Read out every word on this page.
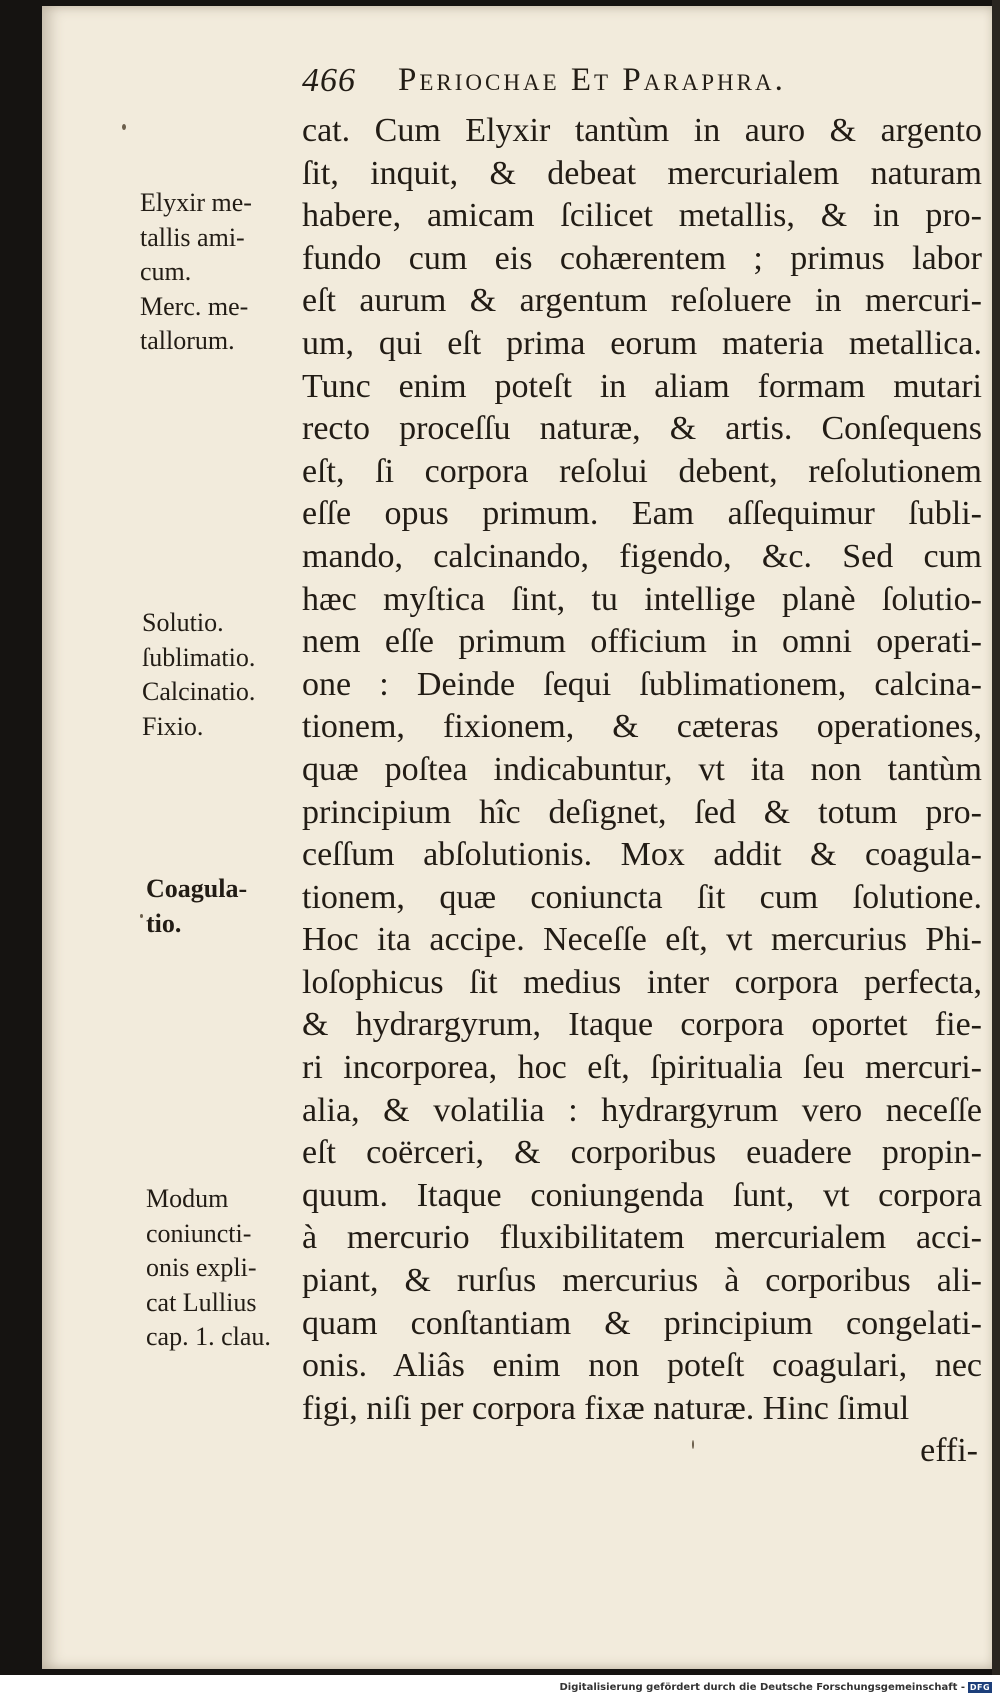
466 Periochae Et Paraphra.
cat. Cum Elyxir tantùm in auro & argento
ſit, inquit, & debeat mercurialem naturam
habere, amicam ſcilicet metallis, & in pro-
fundo cum eis cohærentem ; primus labor
eſt aurum & argentum reſoluere in mercuri-
um, qui eſt prima eorum materia metallica.
Tunc enim poteſt in aliam formam mutari
recto proceſſu naturæ, & artis. Conſequens
eſt, ſi corpora reſolui debent, reſolutionem
eſſe opus primum. Eam aſſequimur ſubli-
mando, calcinando, figendo, &c. Sed cum
hæc myſtica ſint, tu intellige planè ſolutio-
nem eſſe primum officium in omni operati-
one : Deinde ſequi ſublimationem, calcina-
tionem, fixionem, & cæteras operationes,
quæ poſtea indicabuntur, vt ita non tantùm
principium hîc deſignet, ſed & totum pro-
ceſſum abſolutionis. Mox addit & coagula-
tionem, quæ coniuncta ſit cum ſolutione.
Hoc ita accipe. Neceſſe eſt, vt mercurius Phi-
loſophicus ſit medius inter corpora perfecta,
& hydrargyrum, Itaque corpora oportet fie-
ri incorporea, hoc eſt, ſpiritualia ſeu mercuri-
alia, & volatilia : hydrargyrum vero neceſſe
eſt coërceri, & corporibus euadere propin-
quum. Itaque coniungenda ſunt, vt corpora
à mercurio fluxibilitatem mercurialem acci-
piant, & rurſus mercurius à corporibus ali-
quam conſtantiam & principium congelati-
onis. Aliâs enim non poteſt coagulari, nec
figi, niſi per corpora fixæ naturæ. Hinc ſimul
effi-
Elyxir me-
tallis ami-
cum.
Merc. me-
tallorum.
Solutio.
ſublimatio.
Calcinatio.
Fixio.
Coagula-
tio.
Modum
coniuncti-
onis expli-
cat Lullius
cap. 1. clau.
Digitalisierung gefördert durch die Deutsche Forschungsgemeinschaft - DFG
